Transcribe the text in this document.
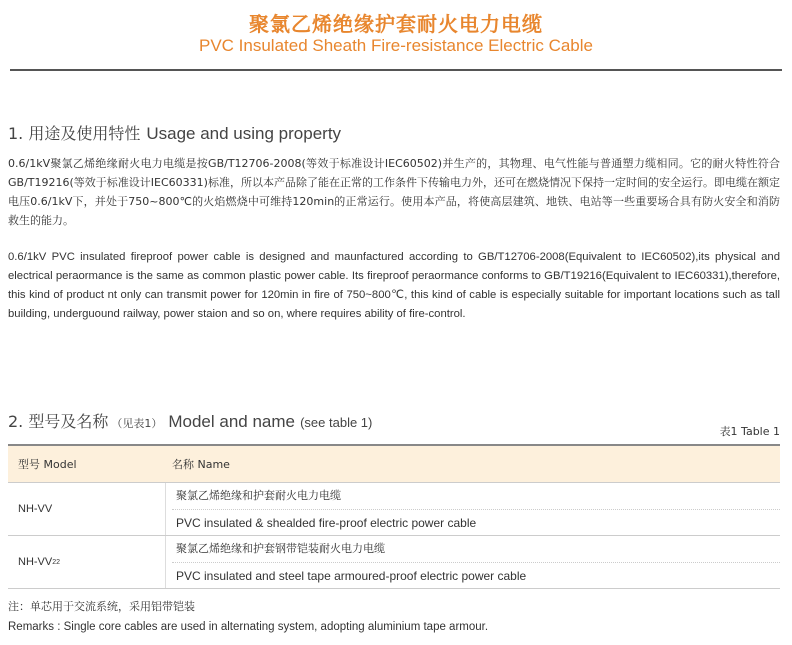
聚氯乙烯绝缘护套耐火电力电缆
PVC Insulated Sheath Fire-resistance Electric Cable
1. 用途及使用特性 Usage and using property
0.6/1kV聚氯乙烯绝缘耐火电力电缆是按GB/T12706-2008(等效于标准设计IEC60502)并生产的，其物理、电气性能与普通塑力缆相同。它的耐火特性符合GB/T19216(等效于标准设计IEC60331)标准，所以本产品除了能在正常的工作条件下传输电力外，还可在燃烧情况下保持一定时间的安全运行。即电缆在额定电压0.6/1kV下，并处于750~800℃的火焰燃烧中可维持120min的正常运行。使用本产品，将使高层建筑、地铁、电站等一些重要场合具有防火安全和消防救生的能力。
0.6/1kV PVC insulated fireproof power cable is designed and maunfactured according to GB/T12706-2008(Equivalent to IEC60502),its physical and electrical peraormance is the same as common plastic power cable. Its fireproof peraormance conforms to GB/T19216(Equivalent to IEC60331),therefore, this kind of product nt only can transmit power for 120min in fire of 750~800℃, this kind of cable is especially suitable for important locations such as tall building, underguound railway, power staion and so on, where requires ability of fire-control.
2. 型号及名称 （见表1） Model and name (see table 1)
表1 Table 1
型号 Model	名称 Name
NH-VV
聚氯乙烯绝缘和护套耐火电力电缆
PVC insulated & shealded fire-proof electric power cable
NH-VV 22
聚氯乙烯绝缘和护套钢带铠装耐火电力电缆
PVC insulated and steel tape armoured-proof electric power cable
注：单芯用于交流系统，采用铝带铠装
Remarks : Single core cables are used in alternating system, adopting aluminium tape armour.
